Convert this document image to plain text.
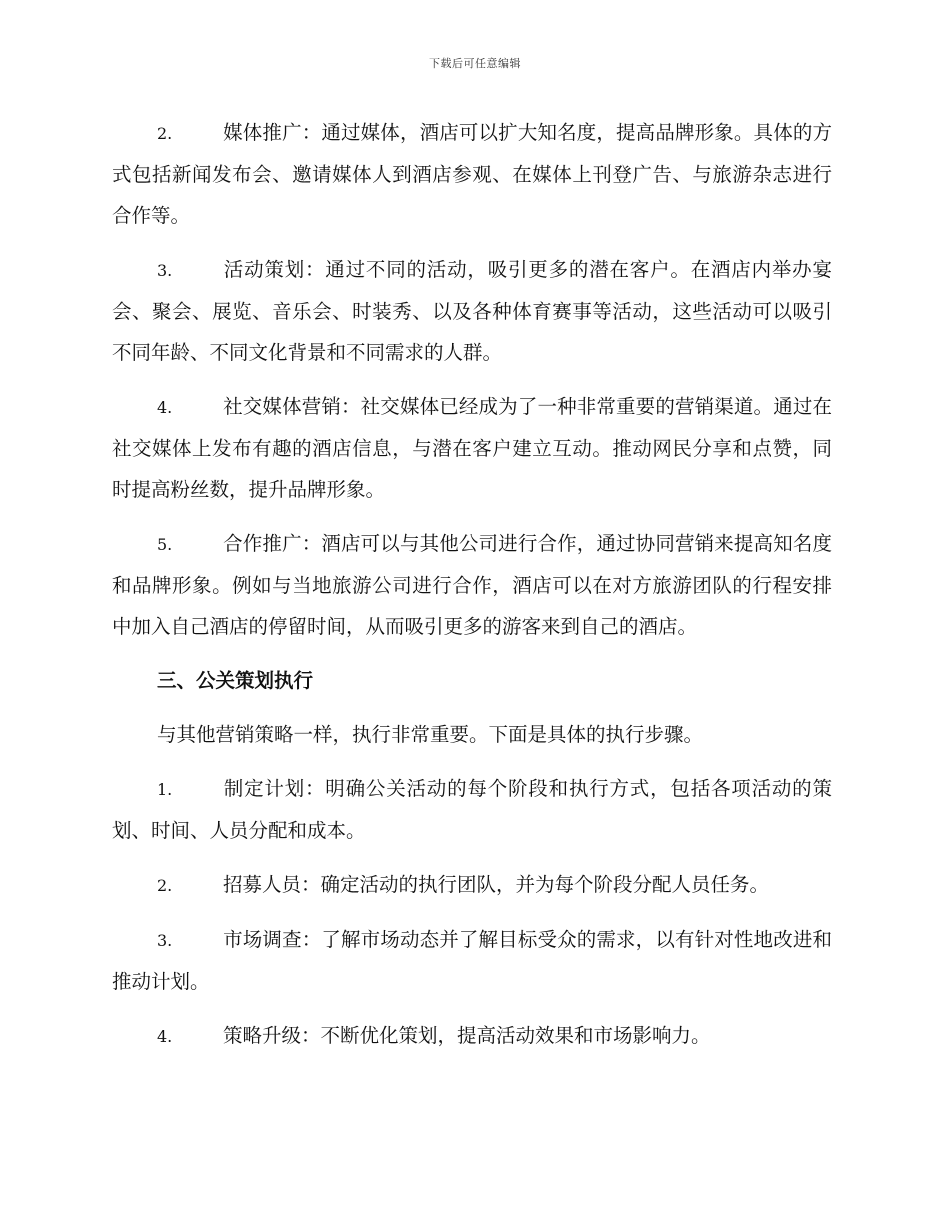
下载后可任意编辑

2.	媒体推广：通过媒体，酒店可以扩大知名度，提高品牌形象。具体的方式包括新闻发布会、邀请媒体人到酒店参观、在媒体上刊登广告、与旅游杂志进行合作等。

3.	活动策划：通过不同的活动，吸引更多的潜在客户。在酒店内举办宴会、聚会、展览、音乐会、时装秀、以及各种体育赛事等活动，这些活动可以吸引不同年龄、不同文化背景和不同需求的人群。

4.	社交媒体营销：社交媒体已经成为了一种非常重要的营销渠道。通过在社交媒体上发布有趣的酒店信息，与潜在客户建立互动。推动网民分享和点赞，同时提高粉丝数，提升品牌形象。

5.	合作推广：酒店可以与其他公司进行合作，通过协同营销来提高知名度和品牌形象。例如与当地旅游公司进行合作，酒店可以在对方旅游团队的行程安排中加入自己酒店的停留时间，从而吸引更多的游客来到自己的酒店。

三、公关策划执行

与其他营销策略一样，执行非常重要。下面是具体的执行步骤。

1.	制定计划：明确公关活动的每个阶段和执行方式，包括各项活动的策划、时间、人员分配和成本。

2.	招募人员：确定活动的执行团队，并为每个阶段分配人员任务。

3.	市场调查：了解市场动态并了解目标受众的需求，以有针对性地改进和推动计划。

4.	策略升级：不断优化策划，提高活动效果和市场影响力。
